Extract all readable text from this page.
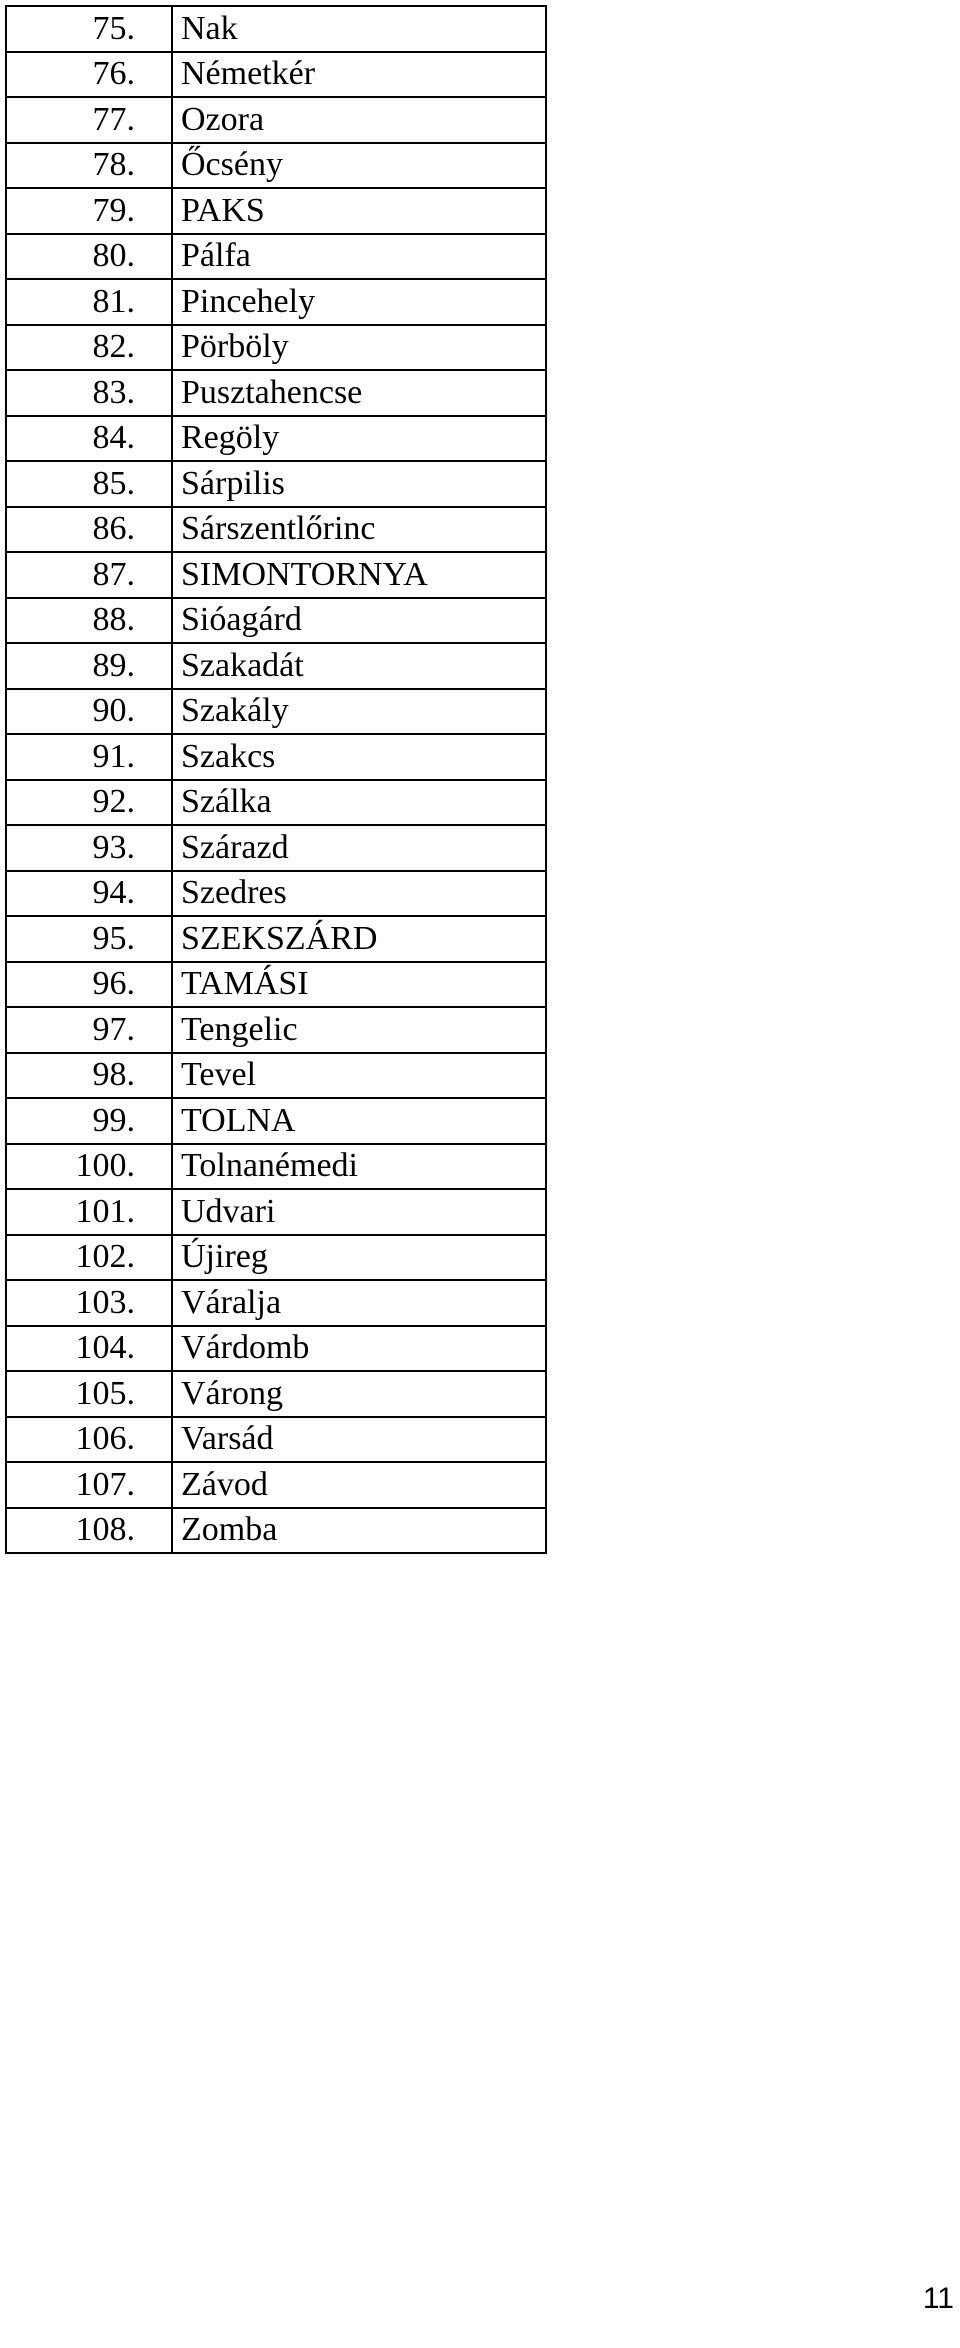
75.	Nak
76.	Németkér
77.	Ozora
78.	Őcsény
79.	PAKS
80.	Pálfa
81.	Pincehely
82.	Pörböly
83.	Pusztahencse
84.	Regöly
85.	Sárpilis
86.	Sárszentlőrinc
87.	SIMONTORNYA
88.	Sióagárd
89.	Szakadát
90.	Szakály
91.	Szakcs
92.	Szálka
93.	Szárazd
94.	Szedres
95.	SZEKSZÁRD
96.	TAMÁSI
97.	Tengelic
98.	Tevel
99.	TOLNA
100.	Tolnanémedi
101.	Udvari
102.	Újireg
103.	Váralja
104.	Várdomb
105.	Várong
106.	Varsád
107.	Závod
108.	Zomba
11
